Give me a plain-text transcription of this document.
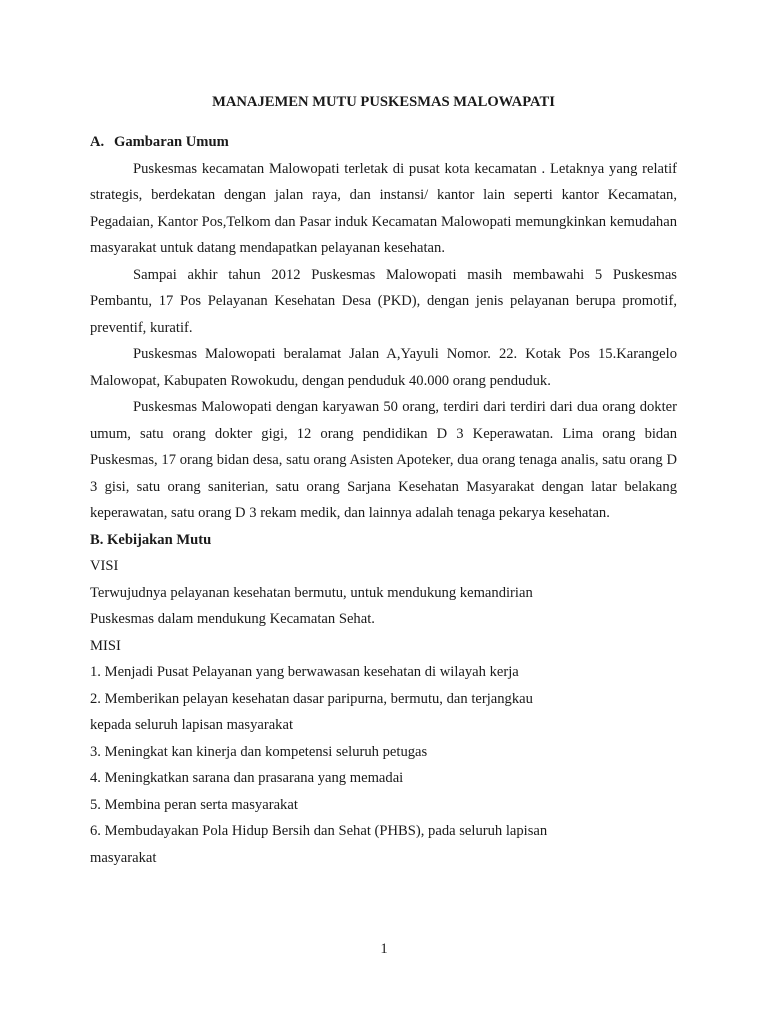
MANAJEMEN MUTU PUSKESMAS MALOWAPATI
A. Gambaran Umum

Puskesmas kecamatan Malowopati terletak di pusat kota kecamatan . Letaknya yang relatif strategis, berdekatan dengan jalan raya, dan instansi/ kantor lain seperti kantor Kecamatan, Pegadaian, Kantor Pos,Telkom dan Pasar induk Kecamatan Malowopati memungkinkan kemudahan masyarakat untuk datang mendapatkan pelayanan kesehatan.

Sampai akhir tahun 2012 Puskesmas Malowopati masih membawahi 5 Puskesmas Pembantu, 17 Pos Pelayanan Kesehatan Desa (PKD), dengan jenis pelayanan berupa promotif, preventif, kuratif.

Puskesmas Malowopati beralamat Jalan A,Yayuli Nomor. 22. Kotak Pos 15.Karangelo Malowopat, Kabupaten Rowokudu, dengan penduduk 40.000 orang penduduk.

Puskesmas Malowopati dengan karyawan 50 orang, terdiri dari terdiri dari dua orang dokter umum, satu orang dokter gigi, 12 orang pendidikan D 3 Keperawatan. Lima orang bidan Puskesmas, 17 orang bidan desa, satu orang Asisten Apoteker, dua orang tenaga analis, satu orang D 3 gisi, satu orang saniterian, satu orang Sarjana Kesehatan Masyarakat dengan latar belakang keperawatan, satu orang D 3 rekam medik, dan lainnya adalah tenaga pekarya kesehatan.

B. Kebijakan Mutu
VISI
Terwujudnya pelayanan kesehatan bermutu, untuk mendukung kemandirian
Puskesmas dalam mendukung Kecamatan Sehat.
MISI
1. Menjadi Pusat Pelayanan yang berwawasan kesehatan di wilayah kerja
2. Memberikan pelayan kesehatan dasar paripurna, bermutu, dan terjangkau
kepada seluruh lapisan masyarakat
3. Meningkat kan kinerja dan kompetensi seluruh petugas
4. Meningkatkan sarana dan prasarana yang memadai
5. Membina peran serta masyarakat
6. Membudayakan Pola Hidup Bersih dan Sehat (PHBS), pada seluruh lapisan
masyarakat
1
